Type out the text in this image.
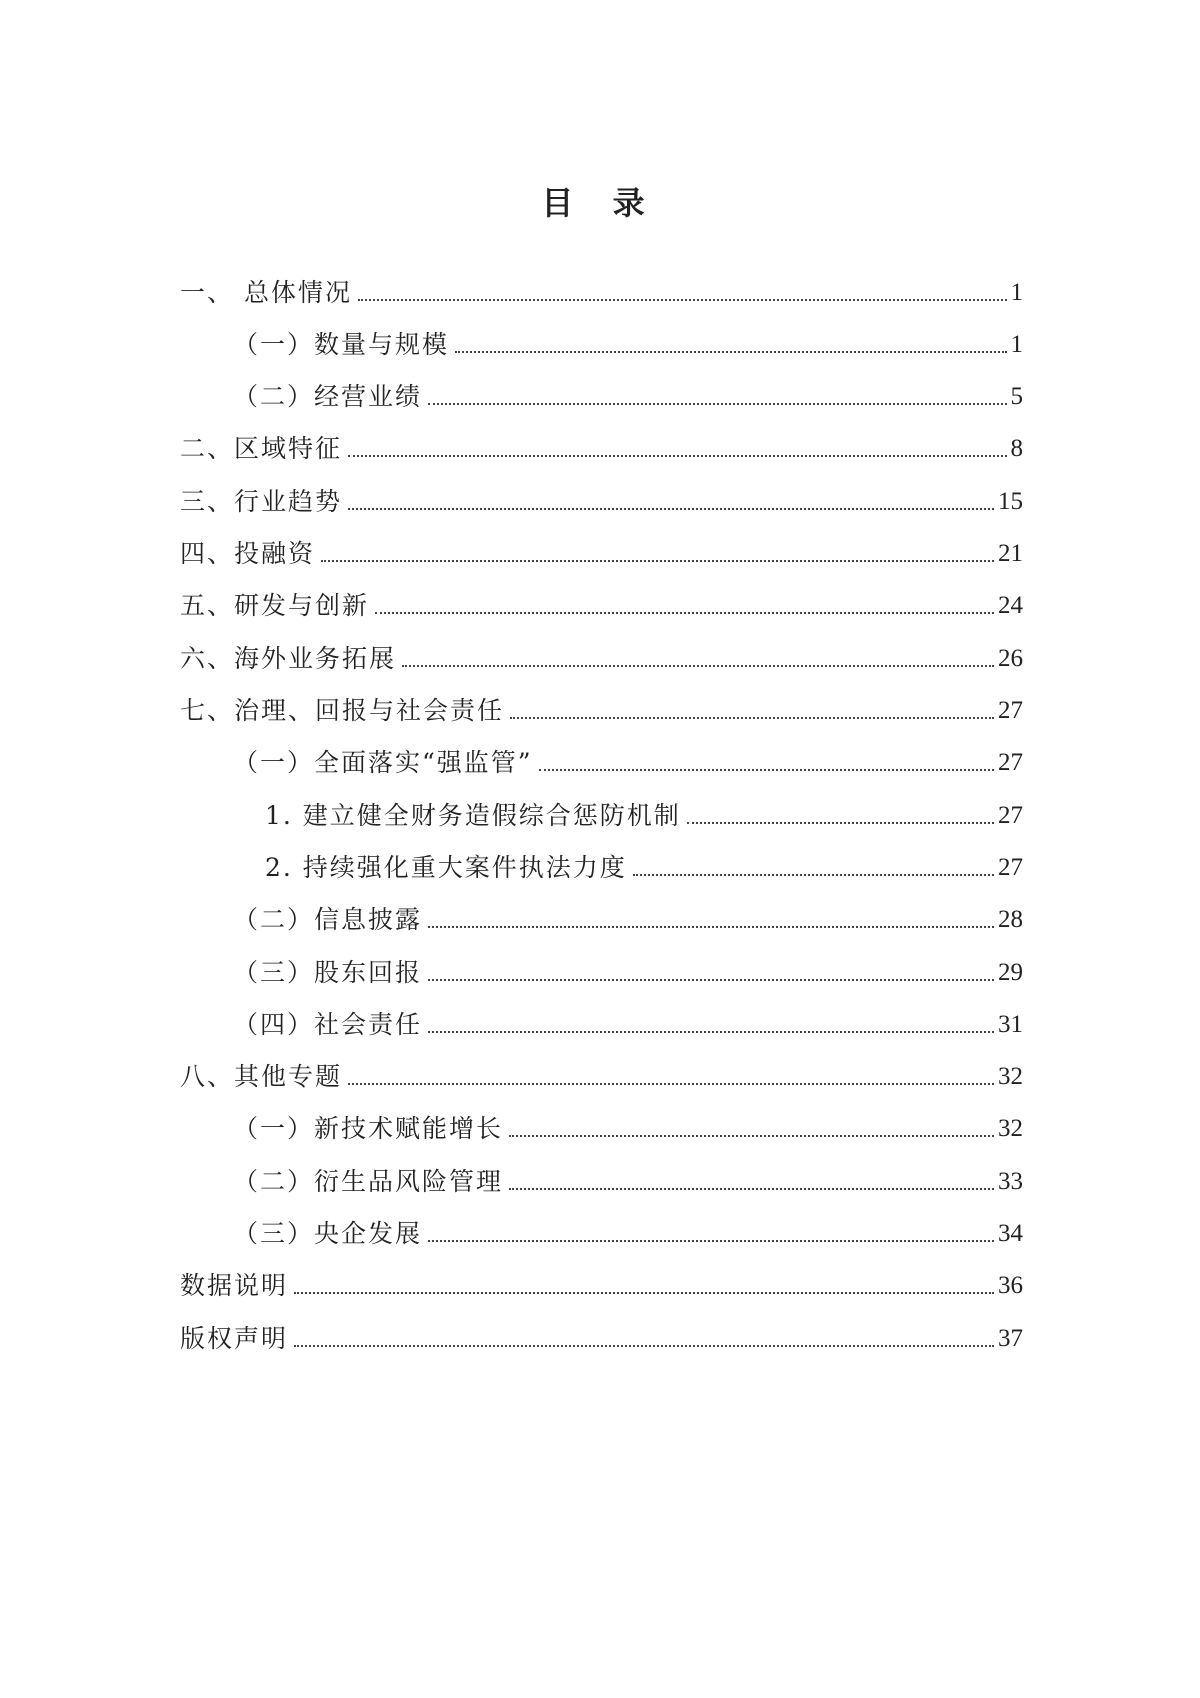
目 录
一、 总体情况	1
（一）数量与规模	1
（二）经营业绩	5
二、区域特征	8
三、行业趋势	15
四、投融资	21
五、研发与创新	24
六、海外业务拓展	26
七、治理、回报与社会责任	27
（一）全面落实“强监管”	27
1. 建立健全财务造假综合惩防机制	27
2. 持续强化重大案件执法力度	27
（二）信息披露	28
（三）股东回报	29
（四）社会责任	31
八、其他专题	32
（一）新技术赋能增长	32
（二）衍生品风险管理	33
（三）央企发展	34
数据说明	36
版权声明	37
